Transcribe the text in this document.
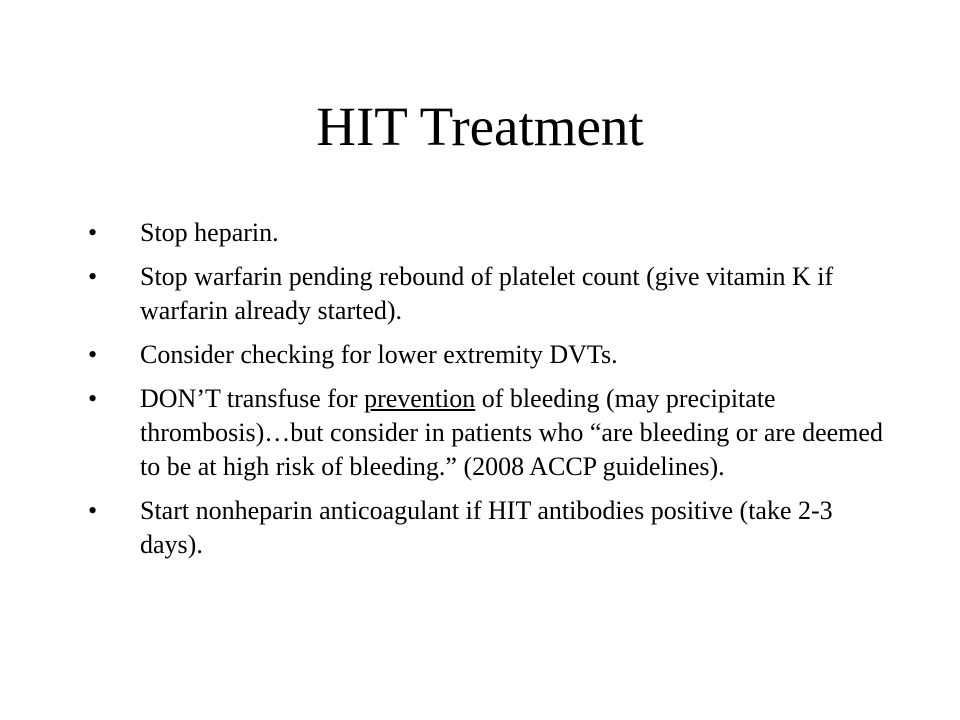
HIT Treatment
•	Stop heparin.
•	Stop warfarin pending rebound of platelet count (give vitamin K if warfarin already started).
•	Consider checking for lower extremity DVTs.
•	DON’T transfuse for prevention of bleeding (may precipitate thrombosis)…but consider in patients who “are bleeding or are deemed to be at high risk of bleeding.” (2008 ACCP guidelines).
•	Start nonheparin anticoagulant if HIT antibodies positive (take 2-3 days).
